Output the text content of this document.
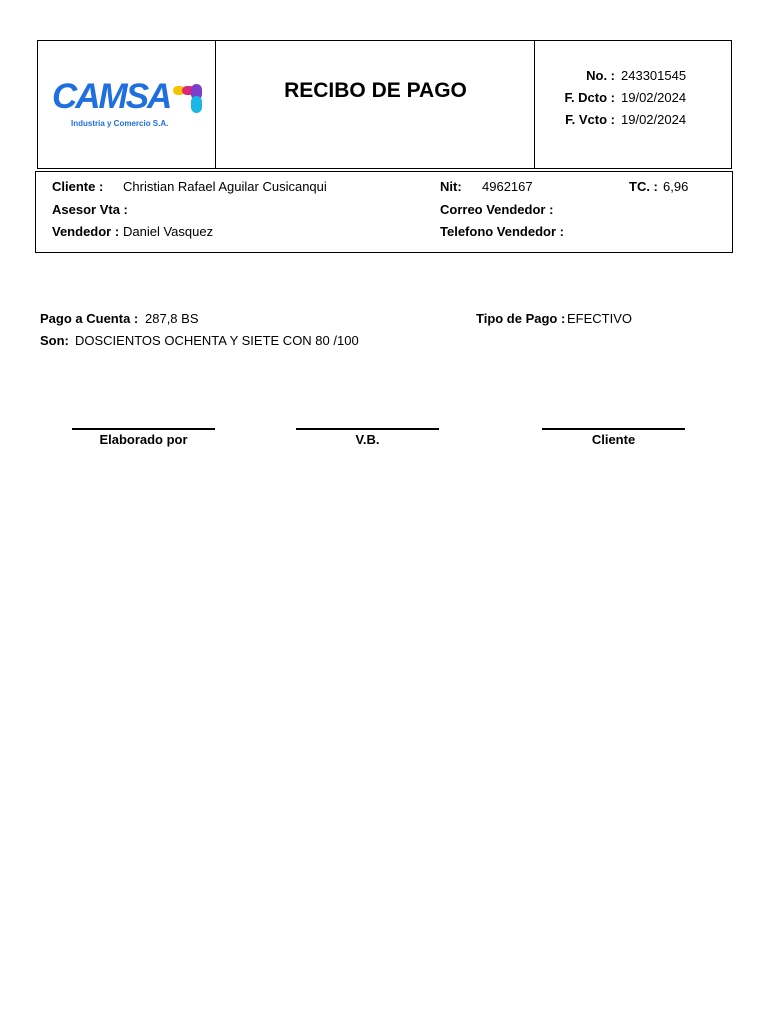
CAMSA
Industria y Comercio S.A.
RECIBO DE PAGO
No. : 243301545
F. Dcto : 19/02/2024
F. Vcto : 19/02/2024
Cliente : Christian Rafael Aguilar Cusicanqui	Nit: 4962167	TC. : 6,96
Asesor Vta :	Correo Vendedor :
Vendedor : Daniel Vasquez	Telefono Vendedor :
Pago a Cuenta : 287,8 BS	Tipo de Pago : EFECTIVO
Son: DOSCIENTOS OCHENTA Y SIETE CON 80 /100
Elaborado por	V.B.	Cliente
